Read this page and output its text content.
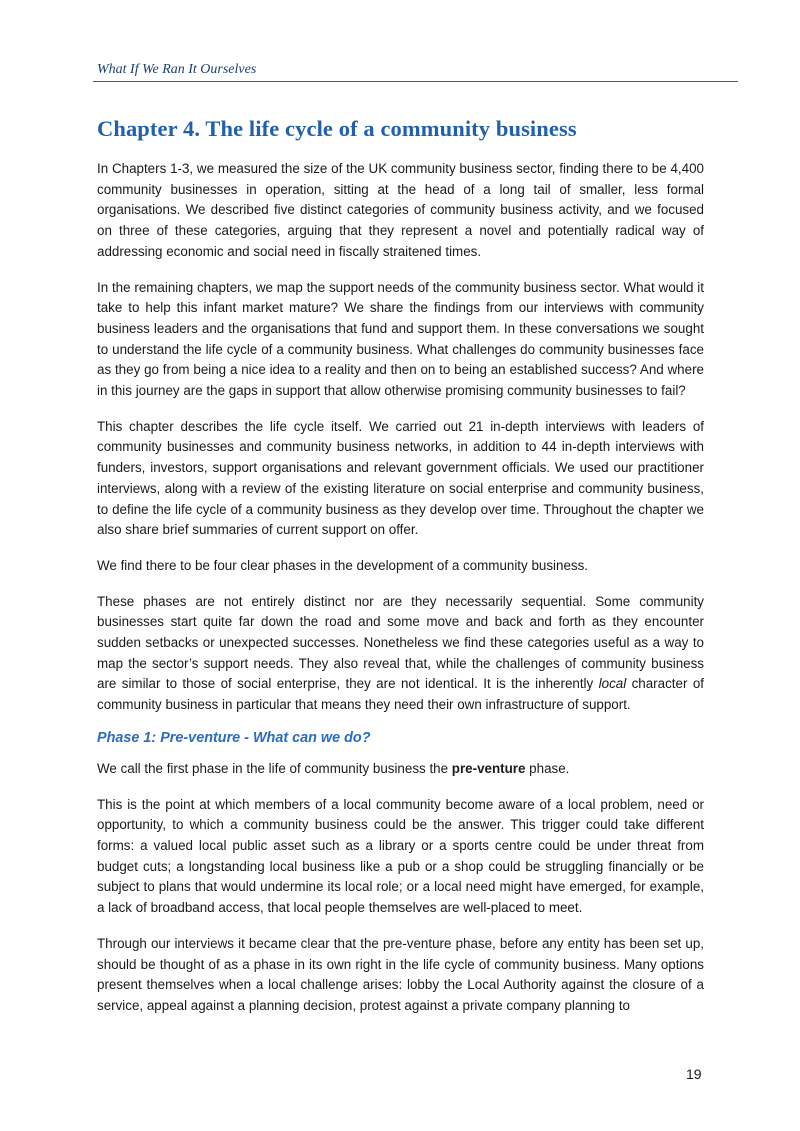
What If We Ran It Ourselves
Chapter 4. The life cycle of a community business

In Chapters 1-3, we measured the size of the UK community business sector, finding there to be 4,400 community businesses in operation, sitting at the head of a long tail of smaller, less formal organisations. We described five distinct categories of community business activity, and we focused on three of these categories, arguing that they represent a novel and potentially radical way of addressing economic and social need in fiscally straitened times.

In the remaining chapters, we map the support needs of the community business sector. What would it take to help this infant market mature? We share the findings from our interviews with community business leaders and the organisations that fund and support them. In these conversations we sought to understand the life cycle of a community business. What challenges do community businesses face as they go from being a nice idea to a reality and then on to being an established success? And where in this journey are the gaps in support that allow otherwise promising community businesses to fail?

This chapter describes the life cycle itself. We carried out 21 in-depth interviews with leaders of community businesses and community business networks, in addition to 44 in-depth interviews with funders, investors, support organisations and relevant government officials. We used our practitioner interviews, along with a review of the existing literature on social enterprise and community business, to define the life cycle of a community business as they develop over time. Throughout the chapter we also share brief summaries of current support on offer.

We find there to be four clear phases in the development of a community business.

These phases are not entirely distinct nor are they necessarily sequential. Some community businesses start quite far down the road and some move and back and forth as they encounter sudden setbacks or unexpected successes. Nonetheless we find these categories useful as a way to map the sector’s support needs. They also reveal that, while the challenges of community business are similar to those of social enterprise, they are not identical. It is the inherently local character of community business in particular that means they need their own infrastructure of support.

Phase 1: Pre-venture - What can we do?

We call the first phase in the life of community business the pre-venture phase.

This is the point at which members of a local community become aware of a local problem, need or opportunity, to which a community business could be the answer. This trigger could take different forms: a valued local public asset such as a library or a sports centre could be under threat from budget cuts; a longstanding local business like a pub or a shop could be struggling financially or be subject to plans that would undermine its local role; or a local need might have emerged, for example, a lack of broadband access, that local people themselves are well-placed to meet.

Through our interviews it became clear that the pre-venture phase, before any entity has been set up, should be thought of as a phase in its own right in the life cycle of community business. Many options present themselves when a local challenge arises: lobby the Local Authority against the closure of a service, appeal against a planning decision, protest against a private company planning to

19
